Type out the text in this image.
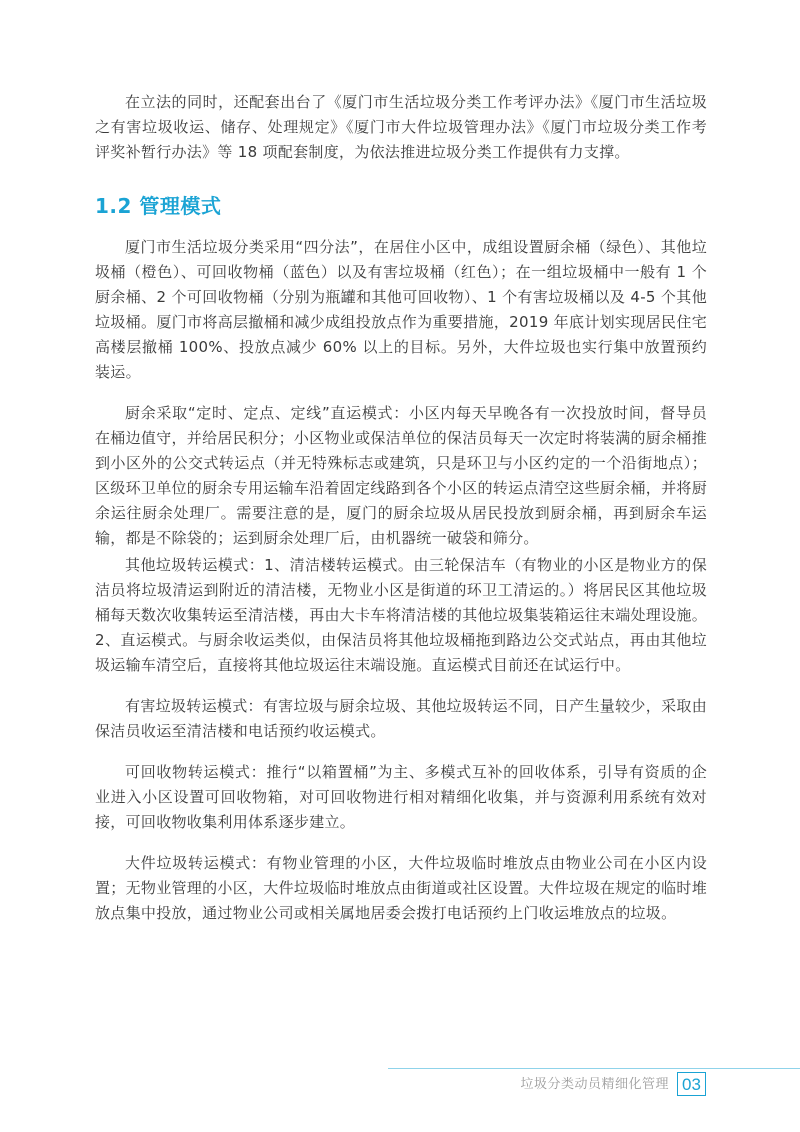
在立法的同时，还配套出台了《厦门市生活垃圾分类工作考评办法》《厦门市生活垃圾之有害垃圾收运、储存、处理规定》《厦门市大件垃圾管理办法》《厦门市垃圾分类工作考评奖补暂行办法》等 18 项配套制度，为依法推进垃圾分类工作提供有力支撑。

1.2 管理模式

厦门市生活垃圾分类采用“四分法”，在居住小区中，成组设置厨余桶（绿色）、其他垃圾桶（橙色）、可回收物桶（蓝色）以及有害垃圾桶（红色）；在一组垃圾桶中一般有 1 个厨余桶、2 个可回收物桶（分别为瓶罐和其他可回收物）、1 个有害垃圾桶以及 4-5 个其他垃圾桶。厦门市将高层撤桶和减少成组投放点作为重要措施，2019 年底计划实现居民住宅高楼层撤桶 100%、投放点减少 60% 以上的目标。另外，大件垃圾也实行集中放置预约装运。

厨余采取“定时、定点、定线”直运模式：小区内每天早晚各有一次投放时间，督导员在桶边值守，并给居民积分；小区物业或保洁单位的保洁员每天一次定时将装满的厨余桶推到小区外的公交式转运点（并无特殊标志或建筑，只是环卫与小区约定的一个沿街地点）；区级环卫单位的厨余专用运输车沿着固定线路到各个小区的转运点清空这些厨余桶，并将厨余运往厨余处理厂。需要注意的是，厦门的厨余垃圾从居民投放到厨余桶，再到厨余车运输，都是不除袋的；运到厨余处理厂后，由机器统一破袋和筛分。

其他垃圾转运模式：1、清洁楼转运模式。由三轮保洁车（有物业的小区是物业方的保洁员将垃圾清运到附近的清洁楼，无物业小区是街道的环卫工清运的。）将居民区其他垃圾桶每天数次收集转运至清洁楼，再由大卡车将清洁楼的其他垃圾集装箱运往末端处理设施。2、直运模式。与厨余收运类似，由保洁员将其他垃圾桶拖到路边公交式站点，再由其他垃圾运输车清空后，直接将其他垃圾运往末端设施。直运模式目前还在试运行中。

有害垃圾转运模式：有害垃圾与厨余垃圾、其他垃圾转运不同，日产生量较少，采取由保洁员收运至清洁楼和电话预约收运模式。

可回收物转运模式：推行“以箱置桶”为主、多模式互补的回收体系，引导有资质的企业进入小区设置可回收物箱，对可回收物进行相对精细化收集，并与资源利用系统有效对接，可回收物收集利用体系逐步建立。

大件垃圾转运模式：有物业管理的小区，大件垃圾临时堆放点由物业公司在小区内设置；无物业管理的小区，大件垃圾临时堆放点由街道或社区设置。大件垃圾在规定的临时堆放点集中投放，通过物业公司或相关属地居委会拨打电话预约上门收运堆放点的垃圾。

垃圾分类动员精细化管理 03
